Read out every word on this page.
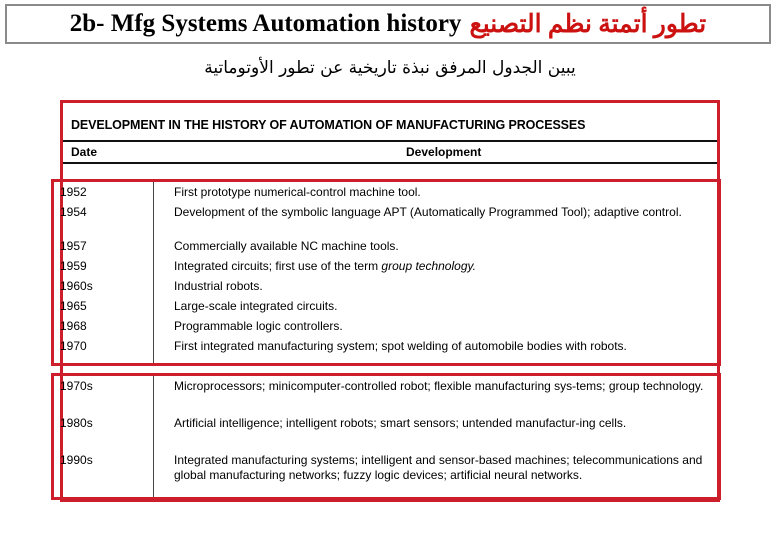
2b- Mfg Systems Automation history تطور أتمتة نظم التصنيع
يبين الجدول المرفق نبذة تاريخية عن تطور الأوتوماتية
DEVELOPMENT IN THE HISTORY OF AUTOMATION OF MANUFACTURING PROCESSES
Date	Development
1952	First prototype numerical-control machine tool.
1954	Development of the symbolic language APT (Automatically Programmed Tool); adaptive control.
1957	Commercially available NC machine tools.
1959	Integrated circuits; first use of the term group technology.
1960s	Industrial robots.
1965	Large-scale integrated circuits.
1968	Programmable logic controllers.
1970	First integrated manufacturing system; spot welding of automobile bodies with robots.
1970s	Microprocessors; minicomputer-controlled robot; flexible manufacturing sys-tems; group technology.
1980s	Artificial intelligence; intelligent robots; smart sensors; untended manufactur-ing cells.
1990s	Integrated manufacturing systems; intelligent and sensor-based machines; telecommunications and global manufacturing networks; fuzzy logic devices; artificial neural networks.
